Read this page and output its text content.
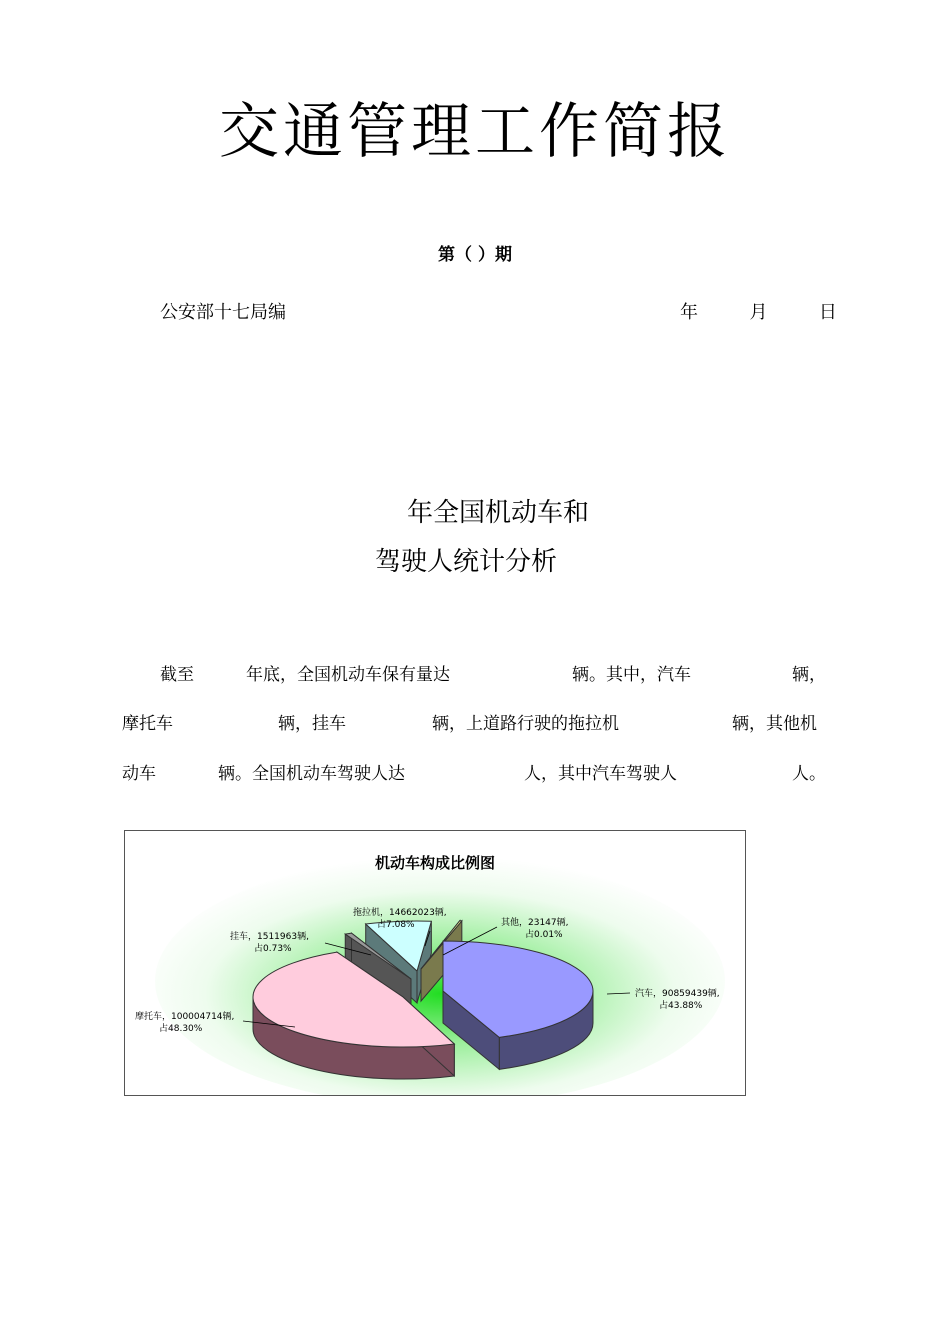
交通管理工作简报
第（ ）期
公安部十七局编	年  月  日
年全国机动车和
驾驶人统计分析
截至	年底，全国机动车保有量达	辆。其中，汽车	辆，
摩托车	辆，挂车	辆，上道路行驶的拖拉机	辆，其他机
动车	辆。全国机动车驾驶人达	人，其中汽车驾驶人	人。
机动车构成比例图
汽车，90859439辆,占43.88%
摩托车，100004714辆,占48.30%
挂车，1511963辆,占0.73%
拖拉机，14662023辆,占7.08%	其他，23147辆,占0.01%
